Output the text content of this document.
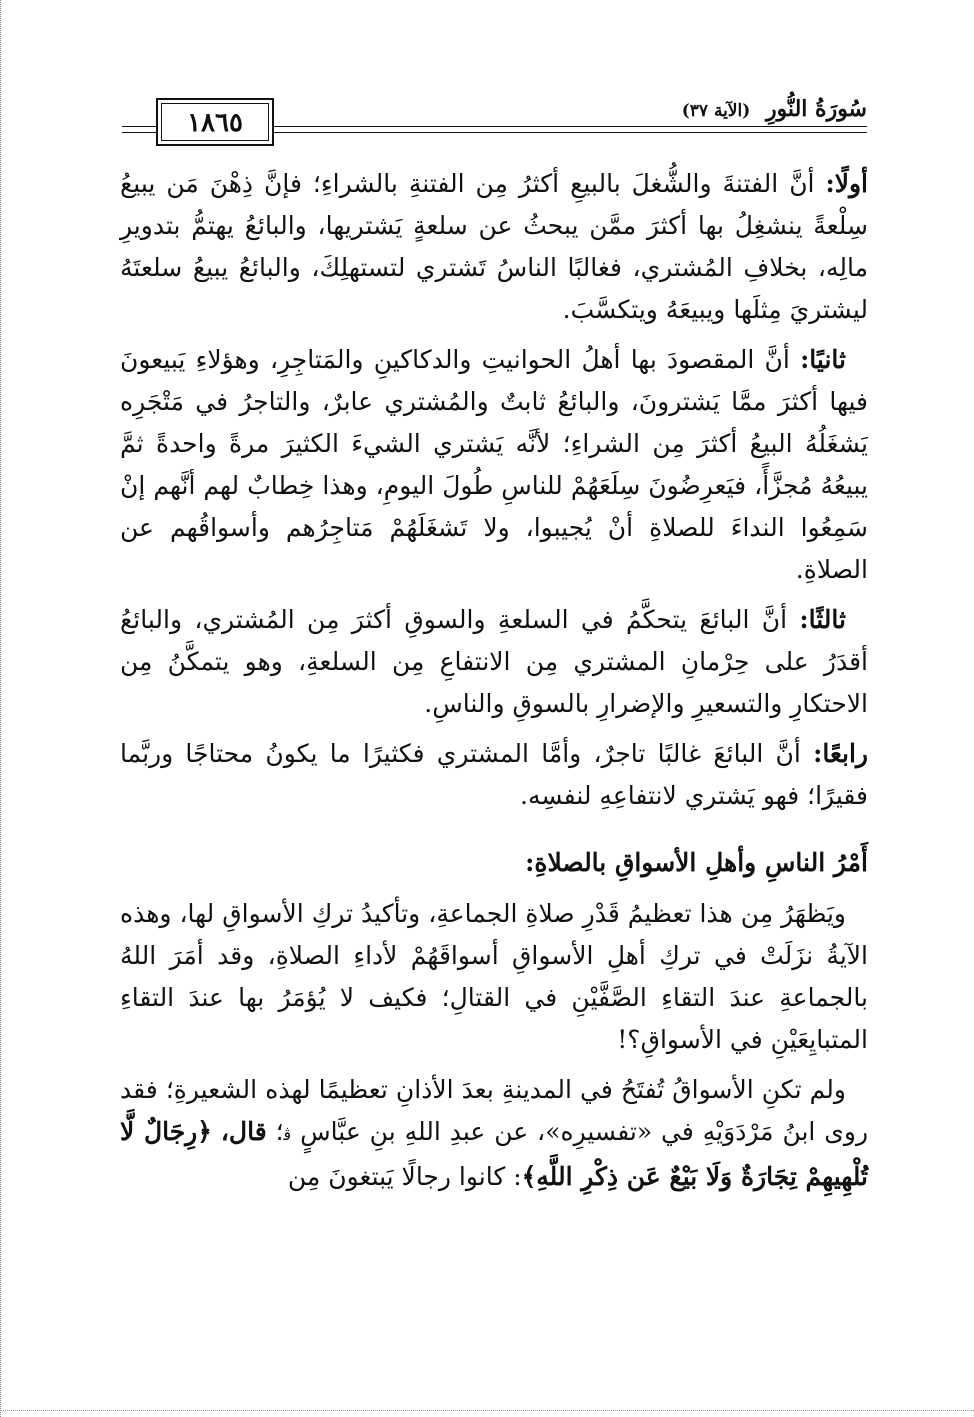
سُورَةُ النُّورِ (الآية ٣٧)
١٨٦٥

أولًا: أنَّ الفتنةَ والشُّغلَ بالبيعِ أكثرُ مِن الفتنةِ بالشراءِ؛ فإنَّ ذِهْنَ مَن يبيعُ سِلْعةً ينشغِلُ بها أكثرَ ممَّن يبحثُ عن سلعةٍ يَشتريها، والبائعُ يهتمُّ بتدويرِ مالِه، بخلافِ المُشتري، فغالبًا الناسُ تَشتري لتستهلِكَ، والبائعُ يبيعُ سلعتَهُ ليشتريَ مِثلَها ويبيعَهُ ويتكسَّبَ.

ثانيًا: أنَّ المقصودَ بها أهلُ الحوانيتِ والدكاكينِ والمَتاجِرِ، وهؤلاءِ يَبيعونَ فيها أكثرَ ممَّا يَشترونَ، والبائعُ ثابتٌ والمُشتري عابرٌ، والتاجرُ في مَتْجَرِه يَشغَلُهُ البيعُ أكثرَ مِن الشراءِ؛ لأنَّه يَشتري الشيءَ الكثيرَ مرةً واحدةً ثمَّ يبيعُهُ مُجزَّأً، فيَعرِضُونَ سِلَعَهُمْ للناسِ طُولَ اليومِ، وهذا خِطابٌ لهم أنَّهم إنْ سَمِعُوا النداءَ للصلاةِ أنْ يُجيبوا، ولا تَشغَلَهُمْ مَتاجِرُهم وأسواقُهم عن الصلاةِ.

ثالثًا: أنَّ البائعَ يتحكَّمُ في السلعةِ والسوقِ أكثرَ مِن المُشتري، والبائعُ أقدَرُ على حِرْمانِ المشتري مِن الانتفاعِ مِن السلعةِ، وهو يتمكَّنُ مِن الاحتكارِ والتسعيرِ والإضرارِ بالسوقِ والناسِ.

رابعًا: أنَّ البائعَ غالبًا تاجرٌ، وأمَّا المشتري فكثيرًا ما يكونُ محتاجًا وربَّما فقيرًا؛ فهو يَشتري لانتفاعِهِ لنفسِه.

أَمْرُ الناسِ وأهلِ الأسواقِ بالصلاةِ:

ويَظهَرُ مِن هذا تعظيمُ قَدْرِ صلاةِ الجماعةِ، وتأكيدُ تركِ الأسواقِ لها، وهذه الآيةُ نزَلَتْ في تركِ أهلِ الأسواقِ أسواقَهُمْ لأداءِ الصلاةِ، وقد أمَرَ اللهُ بالجماعةِ عندَ التقاءِ الصَّفَّيْنِ في القتالِ؛ فكيف لا يُؤمَرُ بها عندَ التقاءِ المتبايِعَيْنِ في الأسواقِ؟!

ولم تكنِ الأسواقُ تُفتَحُ في المدينةِ بعدَ الأذانِ تعظيمًا لهذه الشعيرةِ؛ فقد روى ابنُ مَرْدَوَيْهِ في «تفسيرِه»، عن عبدِ اللهِ بنِ عبَّاسٍ ﭬ؛ قال، ﴿رِجَالٌ لَّا تُلْهِيهِمْ تِجَارَةٌ وَلَا بَيْعٌ عَن ذِكْرِ اللَّهِ﴾: كانوا رجالًا يَبتغونَ مِن
